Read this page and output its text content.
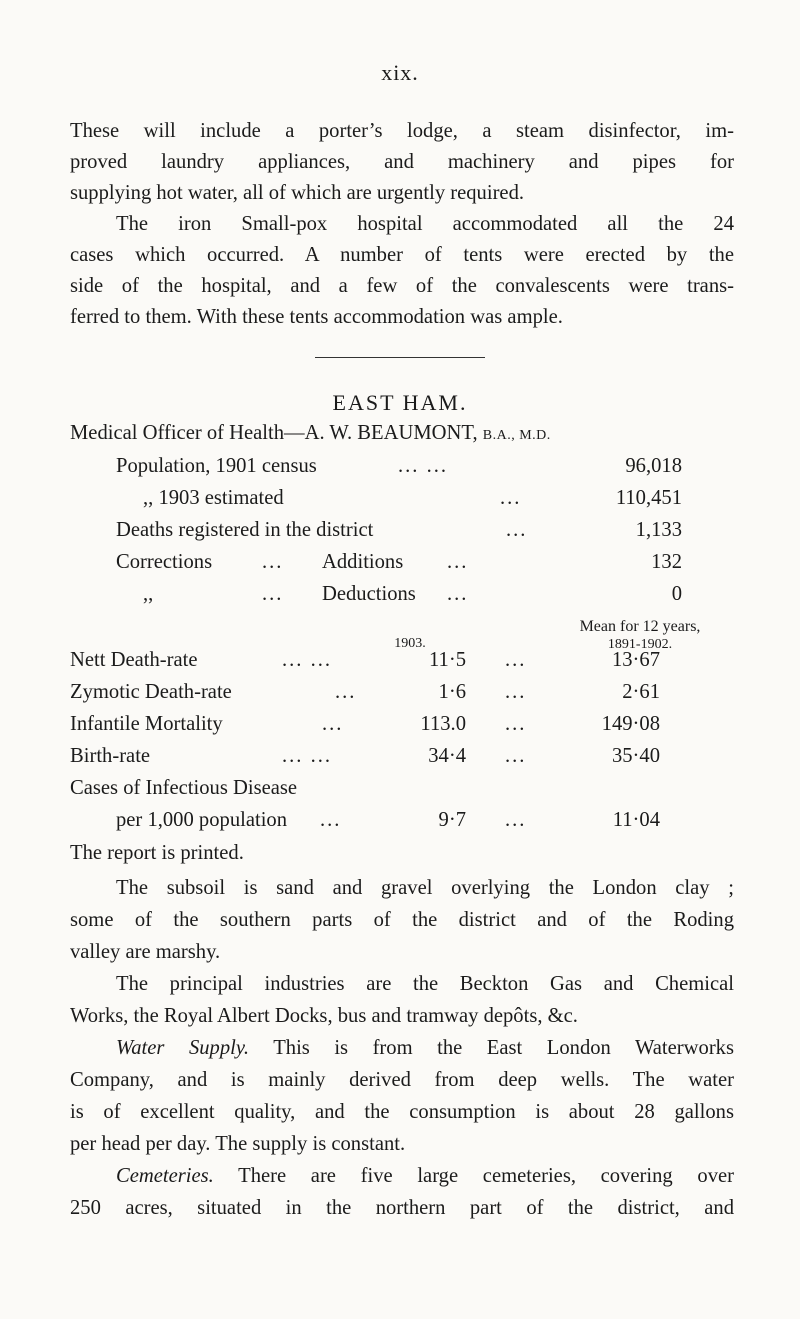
xix.

These will include a porter’s lodge, a steam disinfector, im-
proved laundry appliances, and machinery and pipes for
supplying hot water, all of which are urgently required.

The iron Small-pox hospital accommodated all the 24
cases which occurred. A number of tents were erected by the
side of the hospital, and a few of the convalescents were trans-
ferred to them. With these tents accommodation was ample.

EAST HAM.
Medical Officer of Health—A. W. BEAUMONT, B.A., M.D.
Population, 1901 census	... ...	96,018
,, 1903 estimated	...	110,451
Deaths registered in the district	...	1,133
Corrections ... Additions ...	132
,,	... Deductions ...	0
1903.
Mean for 12 years,
1891-1902.
Nett Death-rate	... ...	11·5 ...	13·67
Zymotic Death-rate	...	1·6 ...	2·61
Infantile Mortality	...	113.0 ...	149·08
Birth-rate	... ...	34·4 ...	35·40
Cases of Infectious Disease
per 1,000 population ...	9·7 ...	11·04
The report is printed.

The subsoil is sand and gravel overlying the London clay ;
some of the southern parts of the district and of the Roding
valley are marshy.

The principal industries are the Beckton Gas and Chemical
Works, the Royal Albert Docks, bus and tramway depôts, &c.

Water Supply. This is from the East London Waterworks
Company, and is mainly derived from deep wells. The water
is of excellent quality, and the consumption is about 28 gallons
per head per day. The supply is constant.

Cemeteries. There are five large cemeteries, covering over
250 acres, situated in the northern part of the district, and
